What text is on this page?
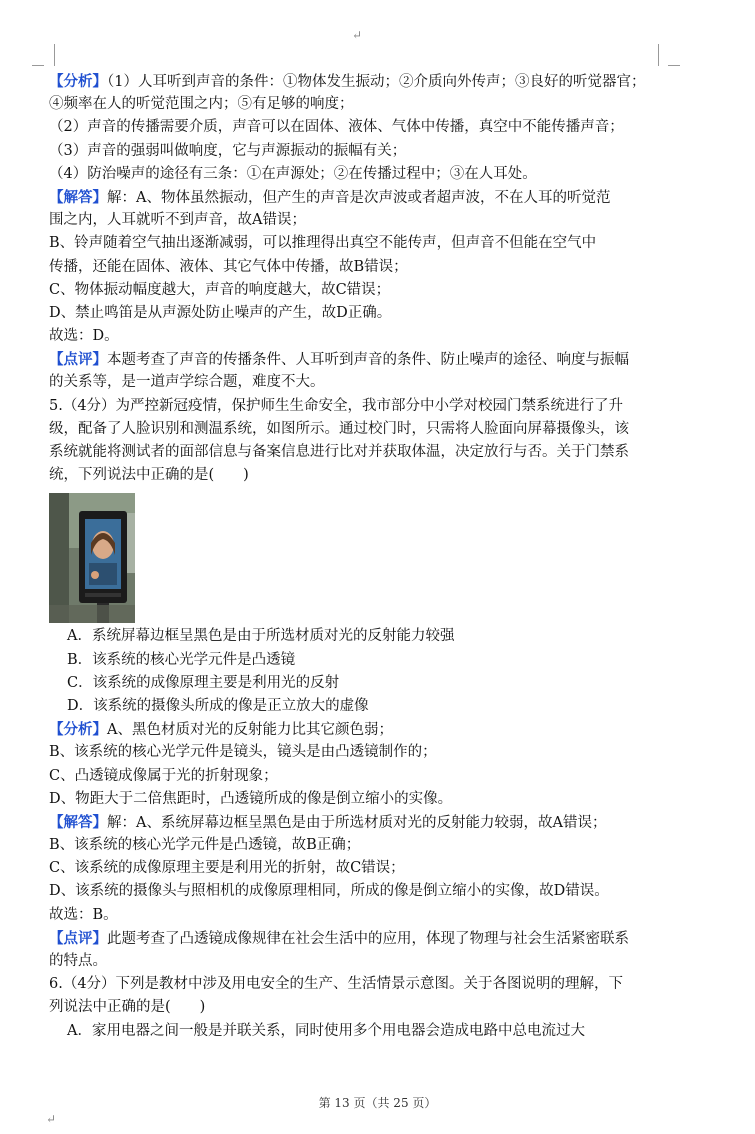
↵
【分析】（1）人耳听到声音的条件：①物体发生振动；②介质向外传声；③良好的听觉器官；
④频率在人的听觉范围之内；⑤有足够的响度；
（2）声音的传播需要介质，声音可以在固体、液体、气体中传播，真空中不能传播声音；
（3）声音的强弱叫做响度，它与声源振动的振幅有关；
（4）防治噪声的途径有三条：①在声源处；②在传播过程中；③在人耳处。
【解答】解：A、物体虽然振动，但产生的声音是次声波或者超声波，不在人耳的听觉范
围之内，人耳就听不到声音，故A错误；
B、铃声随着空气抽出逐渐减弱，可以推理得出真空不能传声，但声音不但能在空气中
传播，还能在固体、液体、其它气体中传播，故B错误；
C、物体振动幅度越大，声音的响度越大，故C错误；
D、禁止鸣笛是从声源处防止噪声的产生，故D正确。
故选：D。
【点评】本题考查了声音的传播条件、人耳听到声音的条件、防止噪声的途径、响度与振幅
的关系等，是一道声学综合题，难度不大。
5.（4分）为严控新冠疫情，保护师生生命安全，我市部分中小学对校园门禁系统进行了升
级，配备了人脸识别和测温系统，如图所示。通过校门时，只需将人脸面向屏幕摄像头，该
系统就能将测试者的面部信息与备案信息进行比对并获取体温，决定放行与否。关于门禁系
统，下列说法中正确的是(　　)
A．系统屏幕边框呈黑色是由于所选材质对光的反射能力较强
B．该系统的核心光学元件是凸透镜
C．该系统的成像原理主要是利用光的反射
D．该系统的摄像头所成的像是正立放大的虚像
【分析】A、黑色材质对光的反射能力比其它颜色弱；
B、该系统的核心光学元件是镜头，镜头是由凸透镜制作的；
C、凸透镜成像属于光的折射现象；
D、物距大于二倍焦距时，凸透镜所成的像是倒立缩小的实像。
【解答】解：A、系统屏幕边框呈黑色是由于所选材质对光的反射能力较弱，故A错误；
B、该系统的核心光学元件是凸透镜，故B正确；
C、该系统的成像原理主要是利用光的折射，故C错误；
D、该系统的摄像头与照相机的成像原理相同，所成的像是倒立缩小的实像，故D错误。
故选：B。
【点评】此题考查了凸透镜成像规律在社会生活中的应用，体现了物理与社会生活紧密联系
的特点。
6.（4分）下列是教材中涉及用电安全的生产、生活情景示意图。关于各图说明的理解，下
列说法中正确的是(　　)
A．家用电器之间一般是并联关系，同时使用多个用电器会造成电路中总电流过大
第 13 页（共 25 页）
↵
